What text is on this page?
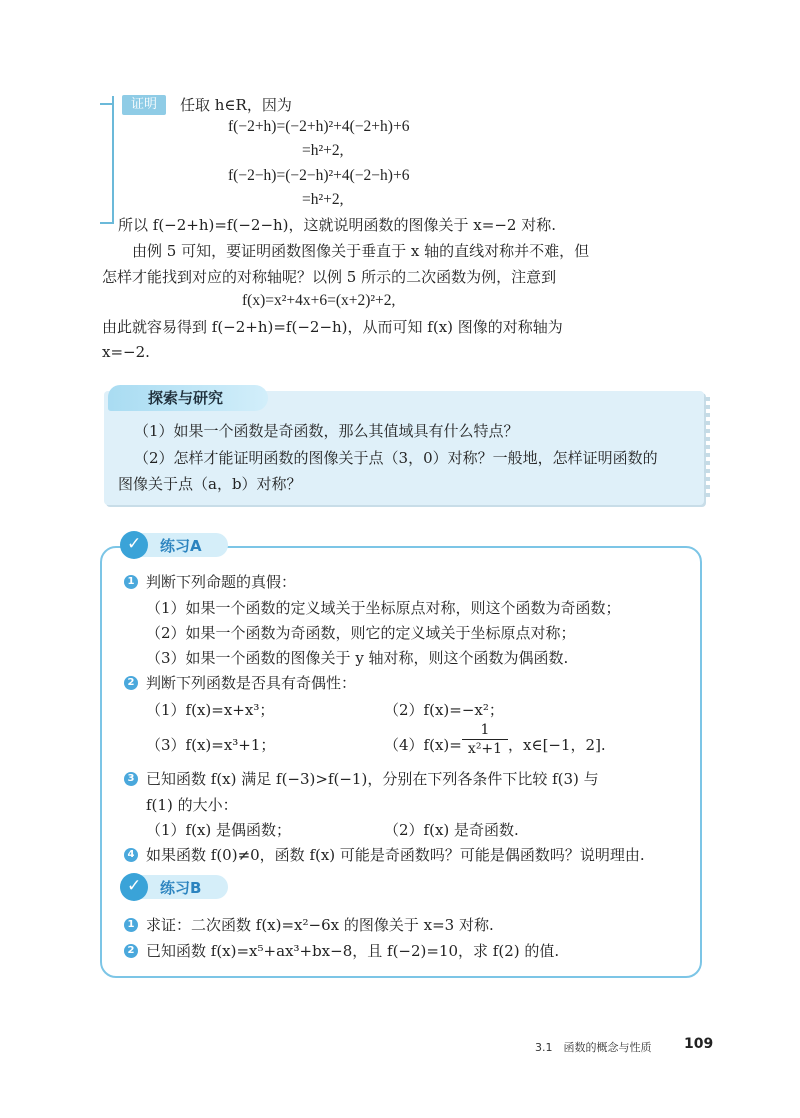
证明	任取 h∈R，因为
f(−2+h)=(−2+h)²+4(−2+h)+6
=h²+2,
f(−2−h)=(−2−h)²+4(−2−h)+6
=h²+2,
所以 f(−2+h)=f(−2−h)，这就说明函数的图像关于 x=−2 对称.
由例 5 可知，要证明函数图像关于垂直于 x 轴的直线对称并不难，但
怎样才能找到对应的对称轴呢？以例 5 所示的二次函数为例，注意到
f(x)=x²+4x+6=(x+2)²+2,
由此就容易得到 f(−2+h)=f(−2−h)，从而可知 f(x) 图像的对称轴为
x=−2.
探索与研究
（1）如果一个函数是奇函数，那么其值域具有什么特点？
（2）怎样才能证明函数的图像关于点（3，0）对称？一般地，怎样证明函数的
图像关于点（a，b）对称？
✓
练习A
1 判断下列命题的真假：
（1）如果一个函数的定义域关于坐标原点对称，则这个函数为奇函数；
（2）如果一个函数为奇函数，则它的定义域关于坐标原点对称；
（3）如果一个函数的图像关于 y 轴对称，则这个函数为偶函数.
2 判断下列函数是否具有奇偶性：
（1）f(x)=x+x³；	（2）f(x)=−x²；
（3）f(x)=x³+1；	（4）f(x)=
1
x²+1 ，x∈[−1，2].
3 已知函数 f(x) 满足 f(−3)>f(−1)，分别在下列各条件下比较 f(3) 与
f(1) 的大小：
（1）f(x) 是偶函数；	（2）f(x) 是奇函数.
4 如果函数 f(0)≠0，函数 f(x) 可能是奇函数吗？可能是偶函数吗？说明理由.
✓
练习B
1 求证：二次函数 f(x)=x²−6x 的图像关于 x=3 对称.
2 已知函数 f(x)=x⁵+ax³+bx−8，且 f(−2)=10，求 f(2) 的值.
3.1　函数的概念与性质 109
